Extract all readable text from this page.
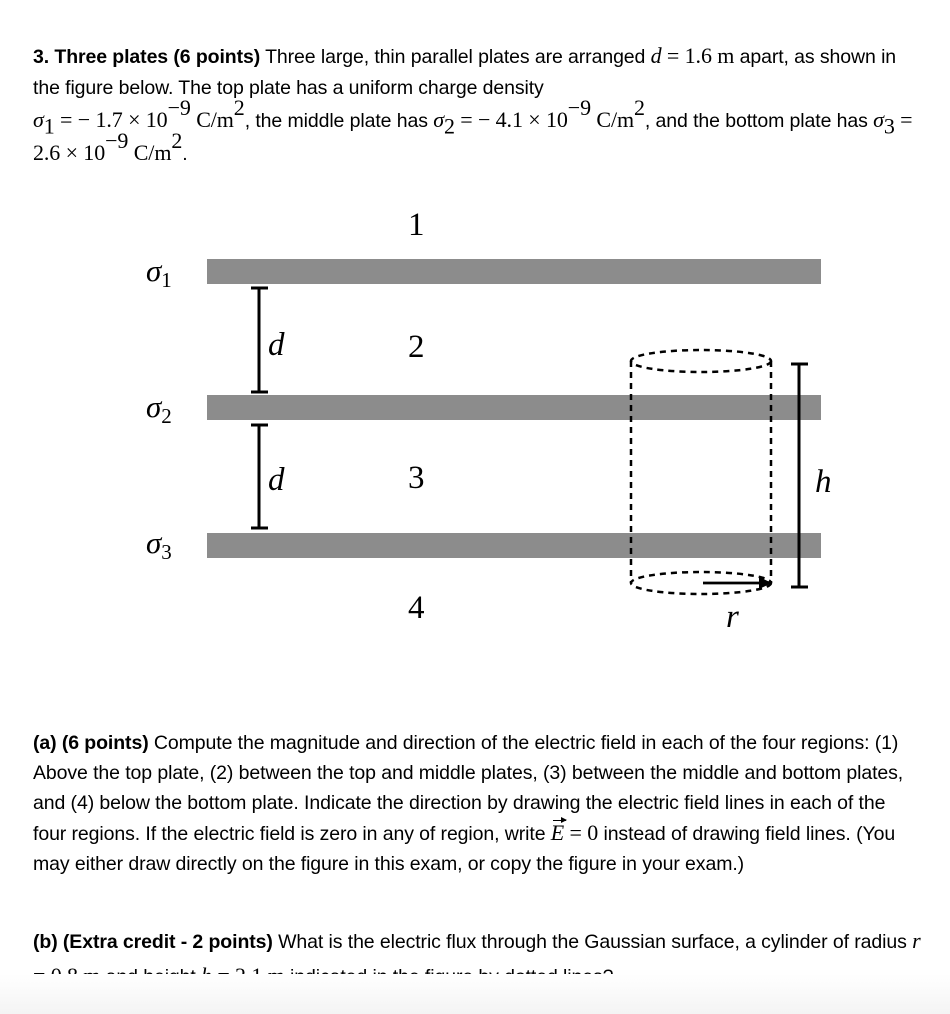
3. Three plates (6 points) Three large, thin parallel plates are arranged d = 1.6 m apart, as shown in the figure below. The top plate has a uniform charge density
$\sigma_1$ = − $1.7 \times 10^{-9}$ $C/m^2$, the middle plate has $\sigma_2$ = − $4.1 \times 10^{-9}$ $C/m^2$, and the bottom plate has $\sigma_3 = 2.6 \times 10^{-9}$ $C/m^2$.
σ1
σ2
σ3
1
2
3
4
d
d
r
h
(a) (6 points) Compute the magnitude and direction of the electric field in each of the four regions: (1) Above the top plate, (2) between the top and middle plates, (3) between the middle and bottom plates, and (4) below the bottom plate. Indicate the direction by drawing the electric field lines in each of the four regions. If the electric field is zero in any of region, write E = 0 instead of drawing field lines. (You may either draw directly on the figure in this exam, or copy the figure in your exam.)
(b) (Extra credit - 2 points) What is the electric flux through the Gaussian surface, a cylinder of radius r
